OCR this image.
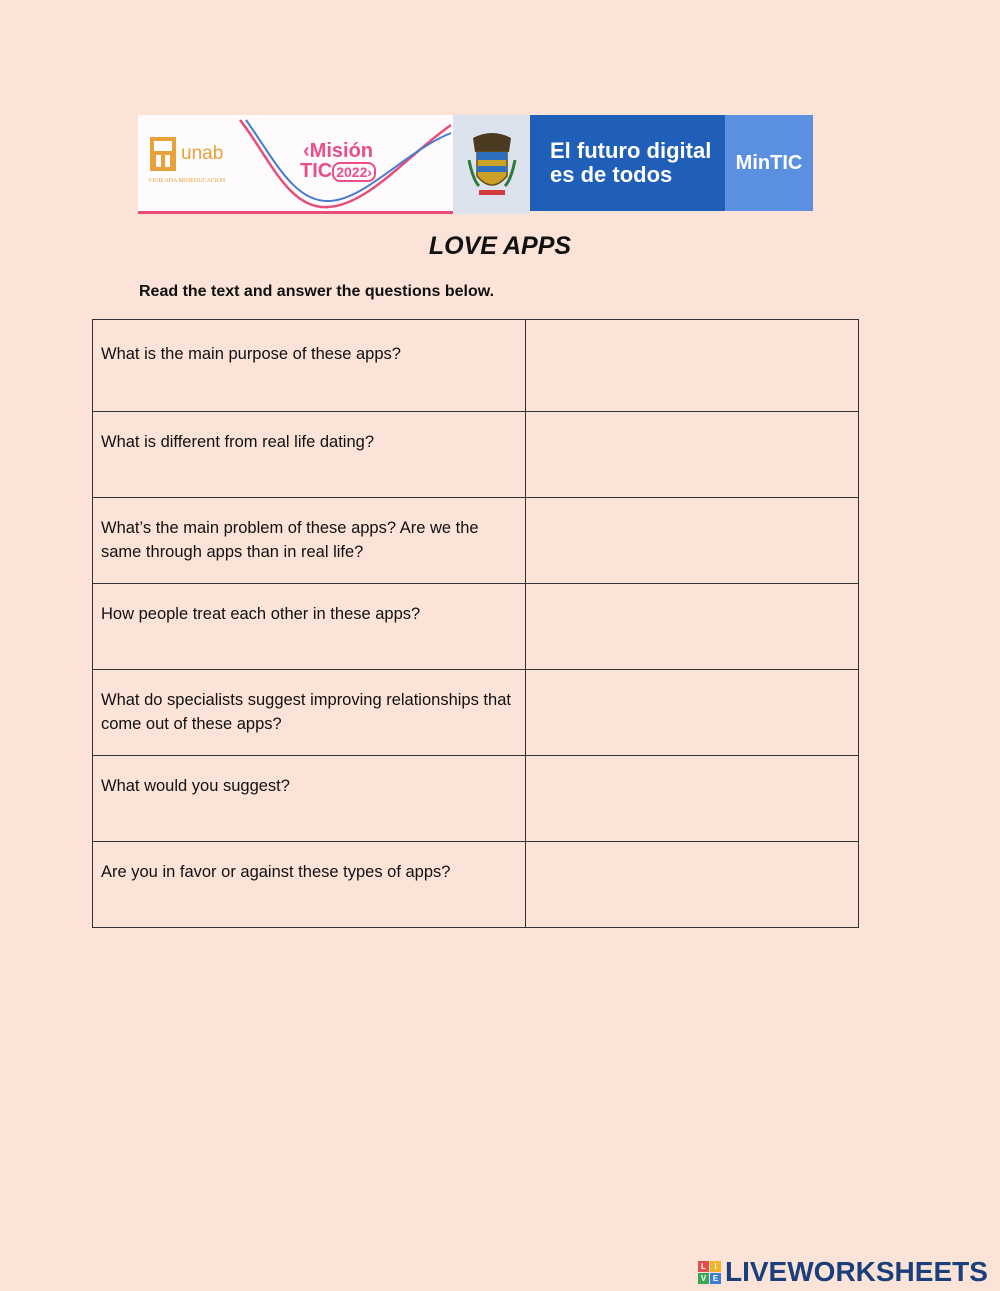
unab
VIGILADA MINEDUCACIÓN
‹Misión
TIC 2022›
El futuro digital
es de todos	MinTIC
LOVE APPS
Read the text and answer the questions below.
What is the main purpose of these apps?	
What is different from real life dating?	
What’s the main problem of these apps? Are we the same through apps than in real life?	
How people treat each other in these apps?	
What do specialists suggest improving relationships that come out of these apps?	
What would you suggest?	
Are you in favor or against these types of apps?	
L	I
V E LIVEWORKSHEETS
